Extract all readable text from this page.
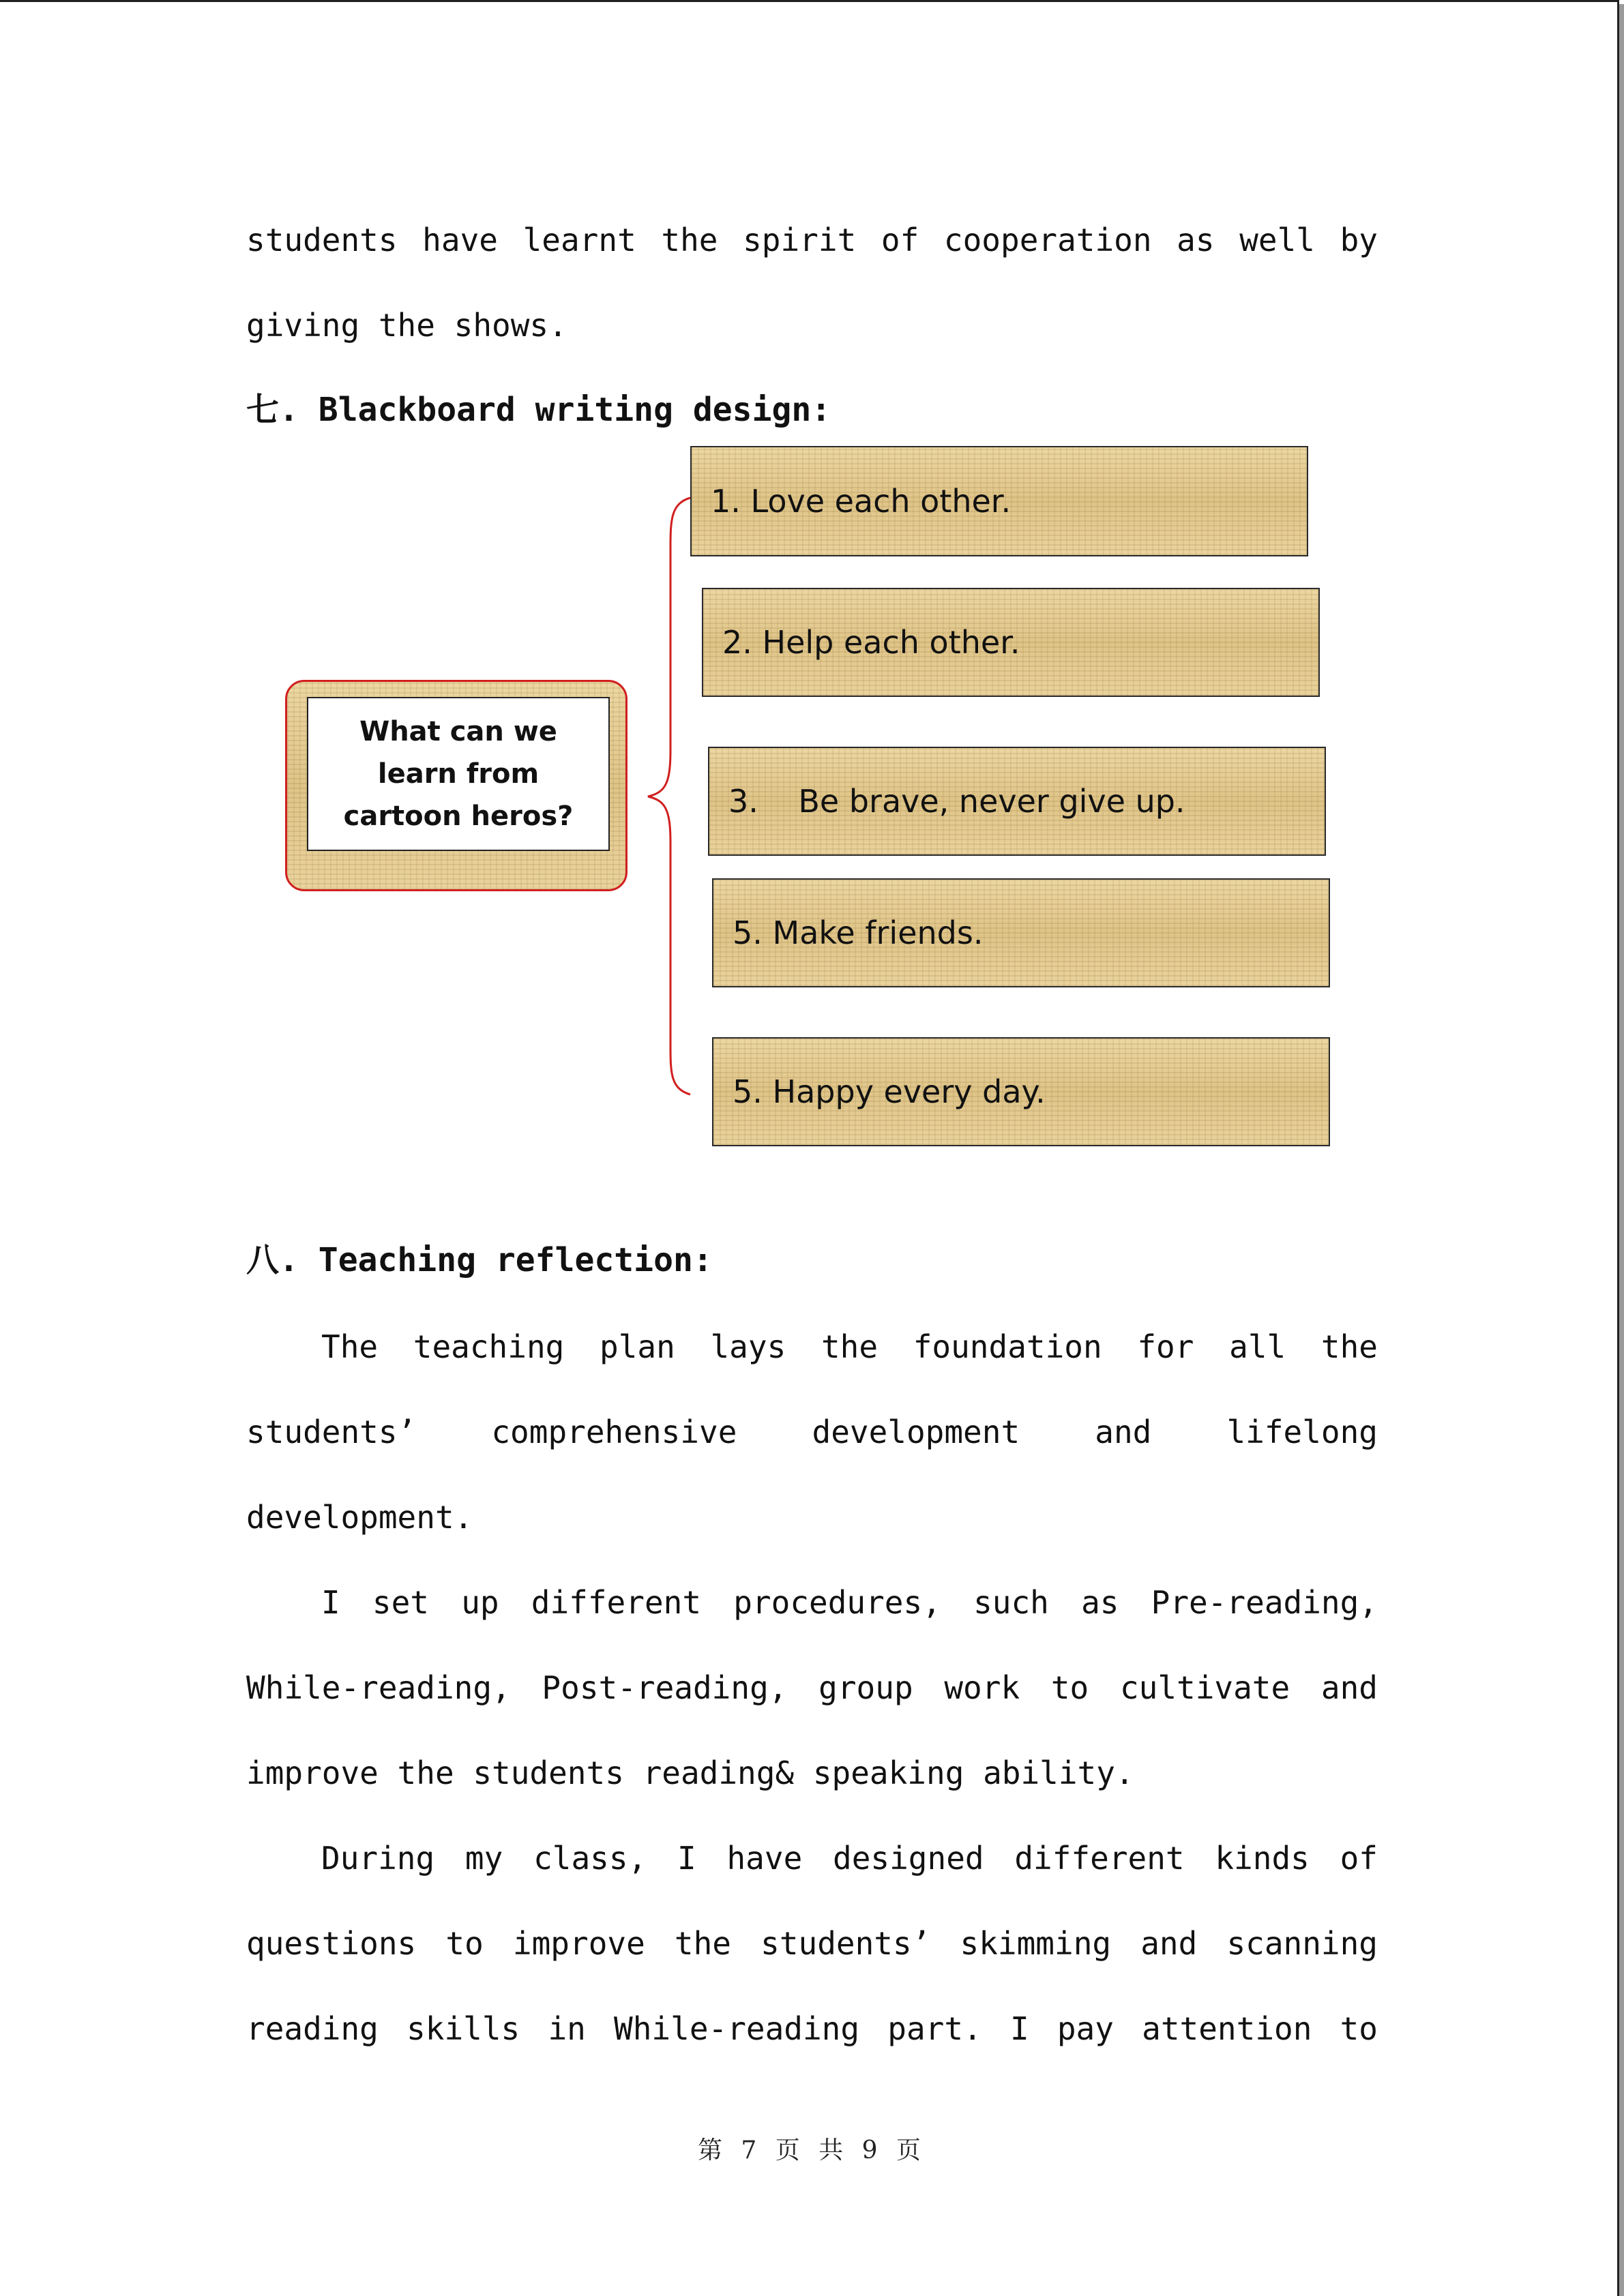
students have learnt the spirit of cooperation as well by
giving the shows.
七. Blackboard writing design:
What can we
learn from
cartoon heros?
1. Love each other.
2. Help each other.
3.    Be brave, never give up.
5. Make friends.
5. Happy every day.
八. Teaching reflection:
The teaching plan lays the foundation for all the
students’ comprehensive development and lifelong
development.
I set up different procedures, such as Pre-reading,
While-reading, Post-reading, group work to cultivate and
improve the students reading& speaking ability.
During my class, I have designed different kinds of
questions to improve the students’ skimming and scanning
reading skills in While-reading part. I pay attention to
第 7 页 共 9 页
